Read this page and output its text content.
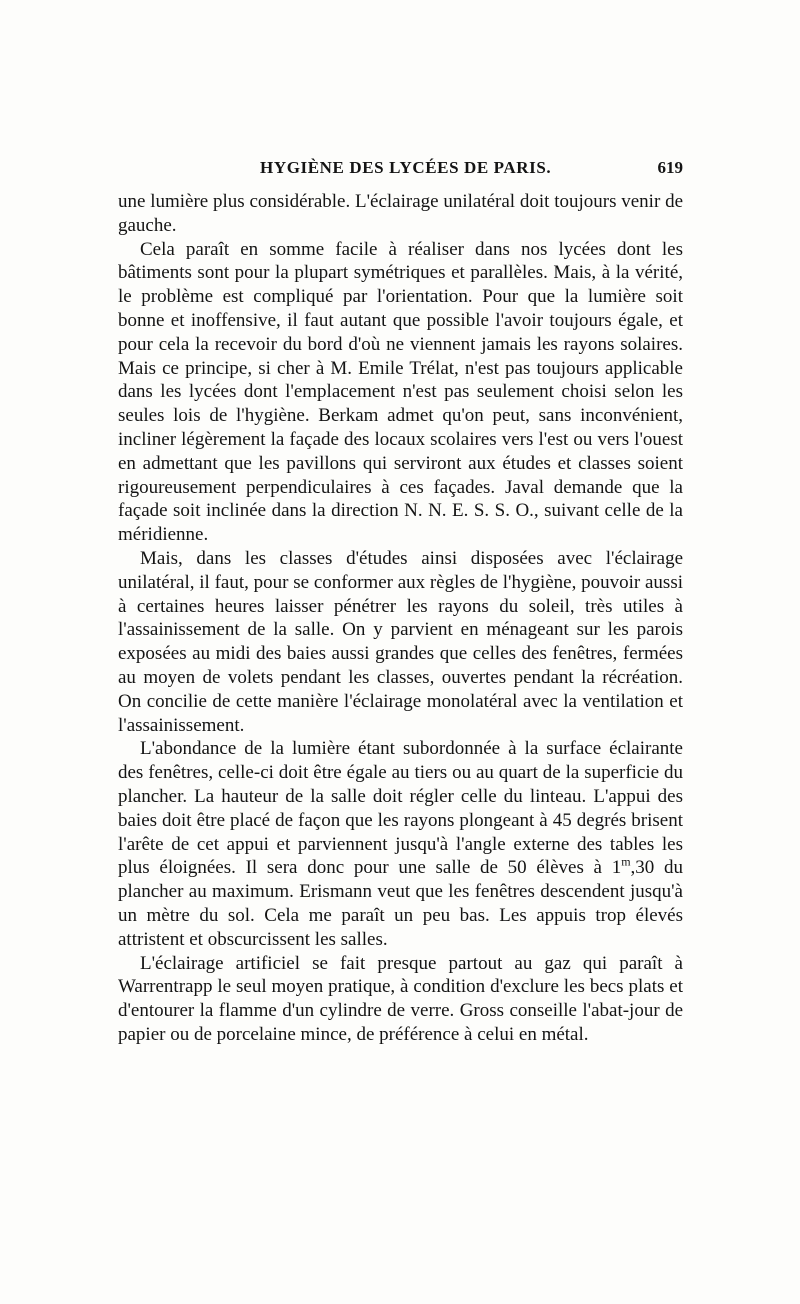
HYGIÈNE DES LYCÉES DE PARIS.	619

une lumière plus considérable. L'éclairage unilatéral doit toujours venir de gauche.

Cela paraît en somme facile à réaliser dans nos lycées dont les bâtiments sont pour la plupart symétriques et parallèles. Mais, à la vérité, le problème est compliqué par l'orientation. Pour que la lumière soit bonne et inoffensive, il faut autant que possible l'avoir toujours égale, et pour cela la recevoir du bord d'où ne viennent jamais les rayons solaires. Mais ce principe, si cher à M. Emile Trélat, n'est pas toujours applicable dans les lycées dont l'emplacement n'est pas seulement choisi selon les seules lois de l'hygiène. Berkam admet qu'on peut, sans inconvénient, incliner légèrement la façade des locaux scolaires vers l'est ou vers l'ouest en admettant que les pavillons qui serviront aux études et classes soient rigoureusement perpendiculaires à ces façades. Javal demande que la façade soit inclinée dans la direction N. N. E. S. S. O., suivant celle de la méridienne.

Mais, dans les classes d'études ainsi disposées avec l'éclairage unilatéral, il faut, pour se conformer aux règles de l'hygiène, pouvoir aussi à certaines heures laisser pénétrer les rayons du soleil, très utiles à l'assainissement de la salle. On y parvient en ménageant sur les parois exposées au midi des baies aussi grandes que celles des fenêtres, fermées au moyen de volets pendant les classes, ouvertes pendant la récréation. On concilie de cette manière l'éclairage monolatéral avec la ventilation et l'assainissement.

L'abondance de la lumière étant subordonnée à la surface éclairante des fenêtres, celle-ci doit être égale au tiers ou au quart de la superficie du plancher. La hauteur de la salle doit régler celle du linteau. L'appui des baies doit être placé de façon que les rayons plongeant à 45 degrés brisent l'arête de cet appui et parviennent jusqu'à l'angle externe des tables les plus éloignées. Il sera donc pour une salle de 50 élèves à 1$^m$,30 du plancher au maximum. Erismann veut que les fenêtres descendent jusqu'à un mètre du sol. Cela me paraît un peu bas. Les appuis trop élevés attristent et obscurcissent les salles.

L'éclairage artificiel se fait presque partout au gaz qui paraît à Warrentrapp le seul moyen pratique, à condition d'exclure les becs plats et d'entourer la flamme d'un cylindre de verre. Gross conseille l'abat-jour de papier ou de porcelaine mince, de préférence à celui en métal.
